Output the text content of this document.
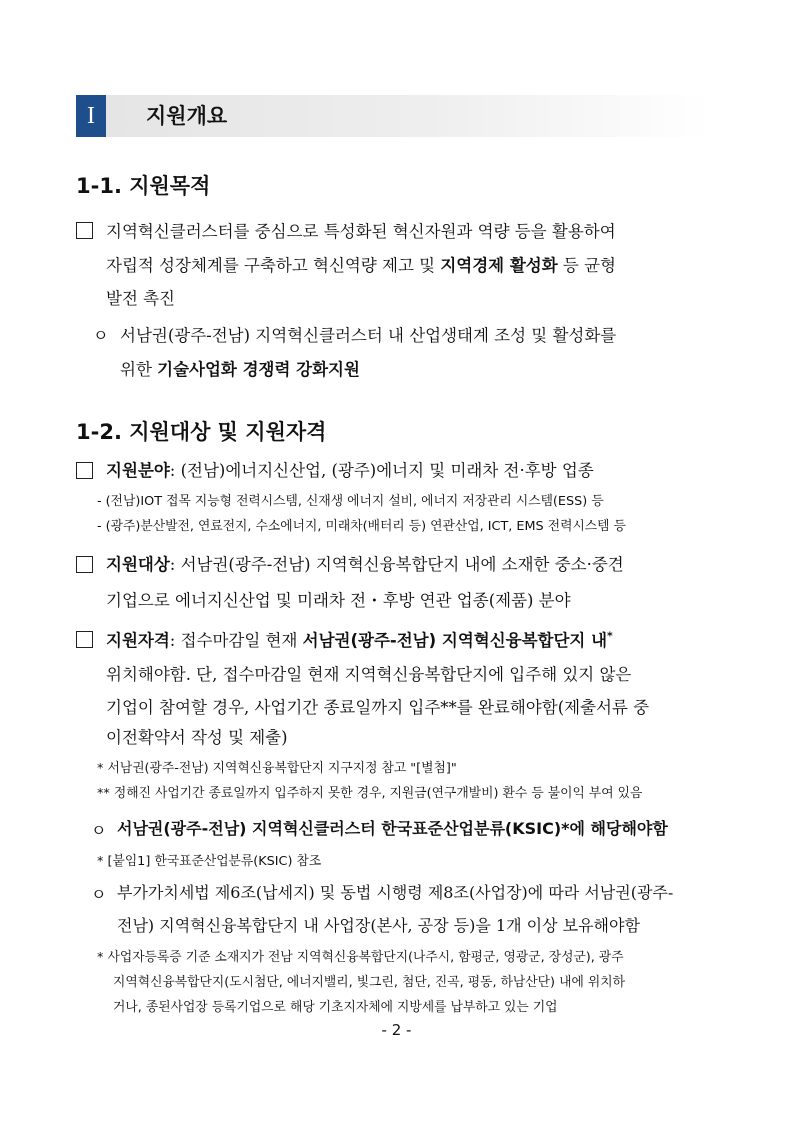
I	지원개요
1-1. 지원목적
지역혁신클러스터를 중심으로 특성화된 혁신자원과 역량 등을 활용하여
자립적 성장체계를 구축하고 혁신역량 제고 및 지역경제 활성화 등 균형
발전 촉진
ㅇ 서남권(광주-전남) 지역혁신클러스터 내 산업생태계 조성 및 활성화를
위한 기술사업화 경쟁력 강화지원
1-2. 지원대상 및 지원자격
지원분야: (전남)에너지신산업, (광주)에너지 및 미래차 전·후방 업종
- (전남)IOT 접목 지능형 전력시스템, 신재생 에너지 설비, 에너지 저장관리 시스템(ESS) 등
- (광주)분산발전, 연료전지, 수소에너지, 미래차(배터리 등) 연관산업, ICT, EMS 전력시스템 등
지원대상: 서남권(광주-전남) 지역혁신융복합단지 내에 소재한 중소·중견
기업으로 에너지신산업 및 미래차 전・후방 연관 업종(제품) 분야
지원자격: 접수마감일 현재 서남권(광주-전남) 지역혁신융복합단지 내*
위치해야함. 단, 접수마감일 현재 지역혁신융복합단지에 입주해 있지 않은
기업이 참여할 경우, 사업기간 종료일까지 입주**를 완료해야함(제출서류 중
이전확약서 작성 및 제출)
* 서남권(광주-전남) 지역혁신융복합단지 지구지정 참고 "[별첨]"
** 정해진 사업기간 종료일까지 입주하지 못한 경우, 지원금(연구개발비) 환수 등 불이익 부여 있음
ㅇ 서남권(광주-전남) 지역혁신클러스터 한국표준산업분류(KSIC)*에 해당해야함
* [붙임1] 한국표준산업분류(KSIC) 참조
ㅇ 부가가치세법 제6조(납세지) 및 동법 시행령 제8조(사업장)에 따라 서남권(광주-
전남) 지역혁신융복합단지 내 사업장(본사, 공장 등)을 1개 이상 보유해야함
* 사업자등록증 기준 소재지가 전남 지역혁신융복합단지(나주시, 함평군, 영광군, 장성군), 광주
지역혁신융복합단지(도시첨단, 에너지밸리, 빛그린, 첨단, 진곡, 평동, 하남산단) 내에 위치하
거나, 종된사업장 등록기업으로 해당 기초지자체에 지방세를 납부하고 있는 기업
- 2 -
